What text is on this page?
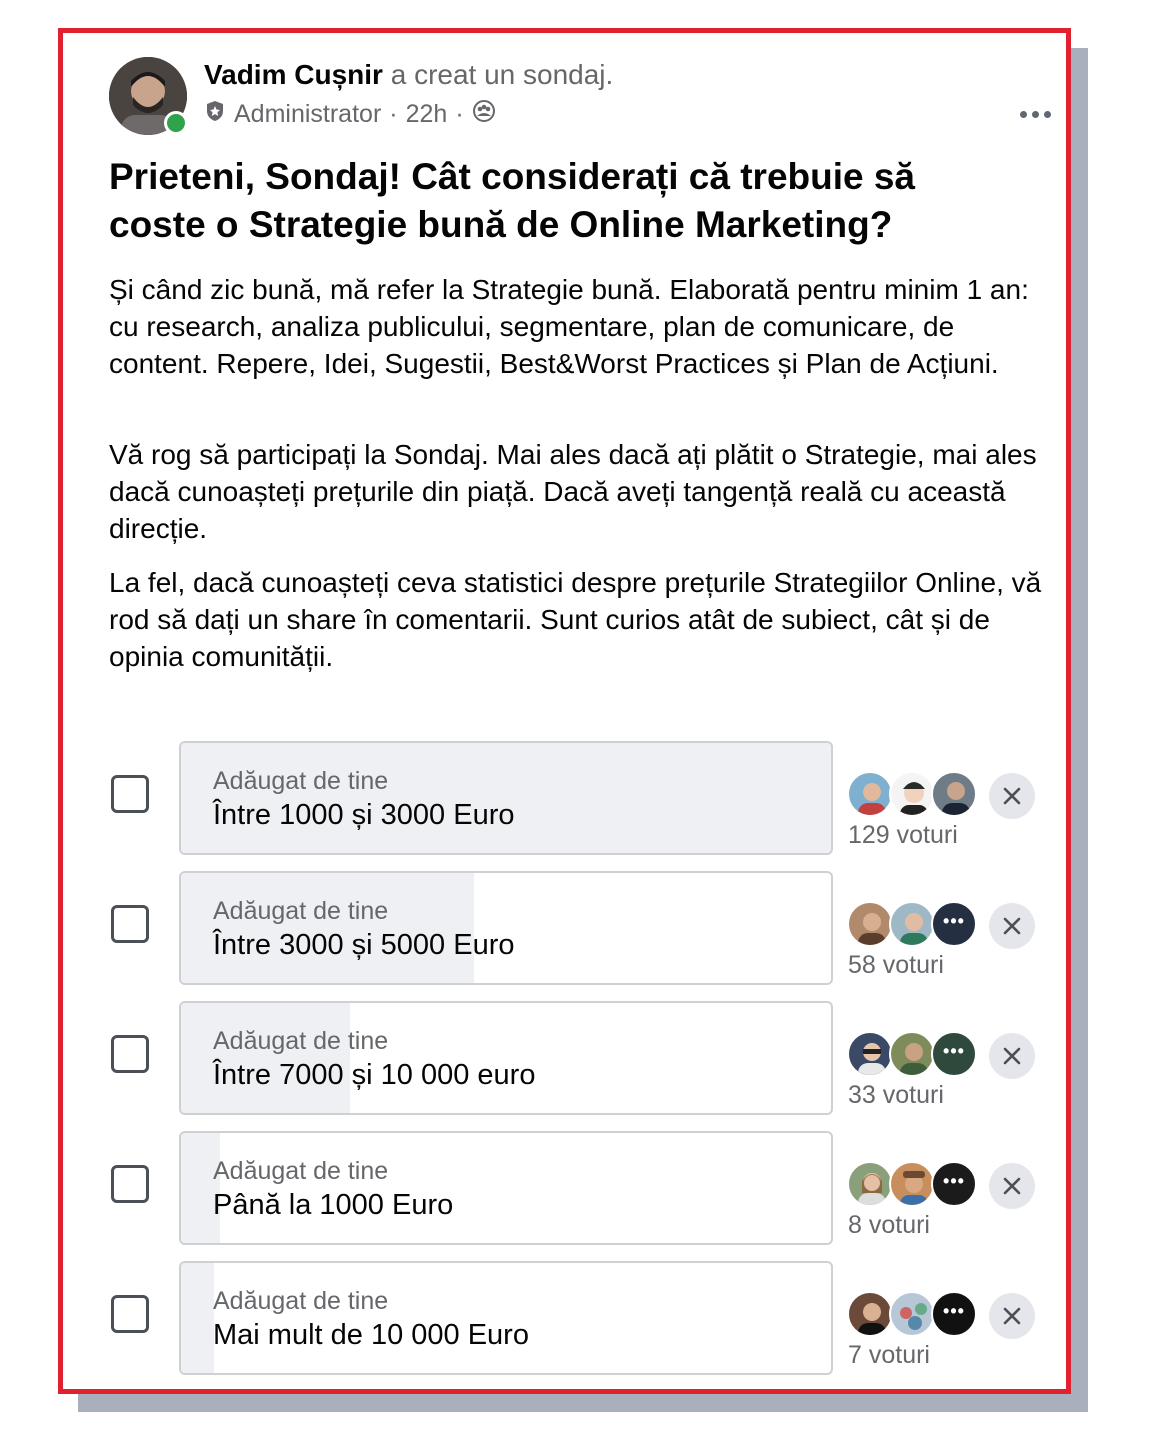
Vadim Cușnir a creat un sondaj.
Administrator · 22h ·
Prieteni, Sondaj! Cât considerați că trebuie să coste o Strategie bună de Online Marketing?

Și când zic bună, mă refer la Strategie bună. Elaborată pentru minim 1 an: cu research, analiza publicului, segmentare, plan de comunicare, de content. Repere, Idei, Sugestii, Best&Worst Practices și Plan de Acțiuni.

Vă rog să participați la Sondaj. Mai ales dacă ați plătit o Strategie, mai ales dacă cunoașteți prețurile din piață. Dacă aveți tangență reală cu această direcție.

La fel, dacă cunoașteți ceva statistici despre prețurile Strategiilor Online, vă rod să dați un share în comentarii. Sunt curios atât de subiect, cât și de opinia comunității.

Adăugat de tine
Între 1000 și 3000 Euro
129 voturi
Adăugat de tine
Între 3000 și 5000 Euro
•••
58 voturi
Adăugat de tine
Între 7000 și 10 000 euro
•••
33 voturi
Adăugat de tine
Până la 1000 Euro
•••
8 voturi
Adăugat de tine
Mai mult de 10 000 Euro
•••
7 voturi
